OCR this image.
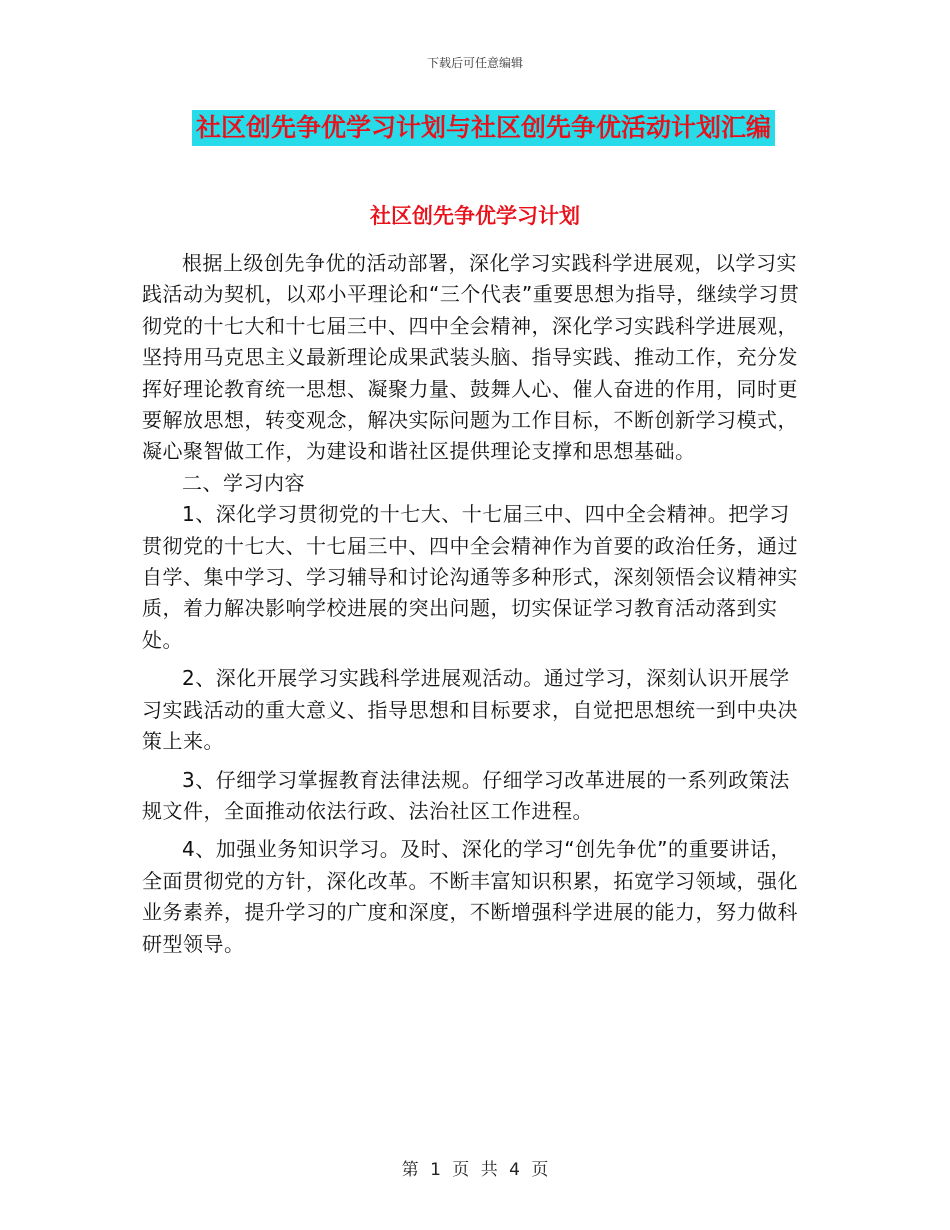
下载后可任意编辑
社区创先争优学习计划与社区创先争优活动计划汇编
社区创先争优学习计划

根据上级创先争优的活动部署，深化学习实践科学进展观，以学习实践活动为契机，以邓小平理论和“三个代表”重要思想为指导，继续学习贯彻党的十七大和十七届三中、四中全会精神，深化学习实践科学进展观，坚持用马克思主义最新理论成果武装头脑、指导实践、推动工作，充分发挥好理论教育统一思想、凝聚力量、鼓舞人心、催人奋进的作用，同时更要解放思想，转变观念，解决实际问题为工作目标，不断创新学习模式，凝心聚智做工作，为建设和谐社区提供理论支撑和思想基础。

二、学习内容

1、深化学习贯彻党的十七大、十七届三中、四中全会精神。把学习贯彻党的十七大、十七届三中、四中全会精神作为首要的政治任务，通过自学、集中学习、学习辅导和讨论沟通等多种形式，深刻领悟会议精神实质，着力解决影响学校进展的突出问题，切实保证学习教育活动落到实处。

2、深化开展学习实践科学进展观活动。通过学习，深刻认识开展学习实践活动的重大意义、指导思想和目标要求，自觉把思想统一到中央决策上来。

3、仔细学习掌握教育法律法规。仔细学习改革进展的一系列政策法规文件，全面推动依法行政、法治社区工作进程。

4、加强业务知识学习。及时、深化的学习“创先争优”的重要讲话，全面贯彻党的方针，深化改革。不断丰富知识积累，拓宽学习领域，强化业务素养，提升学习的广度和深度，不断增强科学进展的能力，努力做科研型领导。

第 1 页 共 4 页
